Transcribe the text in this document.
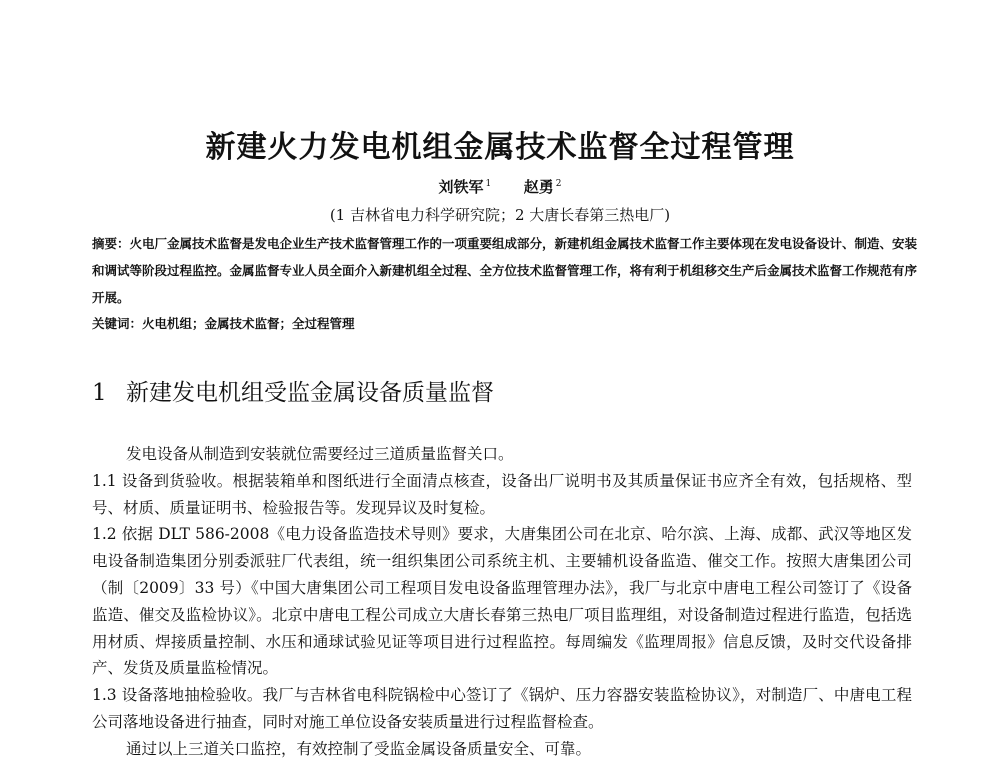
新建火力发电机组金属技术监督全过程管理
刘铁军 $^1$ 赵勇 $^2$
(1 吉林省电力科学研究院；2 大唐长春第三热电厂)
摘要：火电厂金属技术监督是发电企业生产技术监督管理工作的一项重要组成部分，新建机组金属技术监督工作主要体现在发电设备设计、制造、安装和调试等阶段过程监控。金属监督专业人员全面介入新建机组全过程、全方位技术监督管理工作，将有利于机组移交生产后金属技术监督工作规范有序开展。
关键词：火电机组；金属技术监督；全过程管理
1 新建发电机组受监金属设备质量监督

发电设备从制造到安装就位需要经过三道质量监督关口。

1.1 设备到货验收。根据装箱单和图纸进行全面清点核查，设备出厂说明书及其质量保证书应齐全有效，包括规格、型号、材质、质量证明书、检验报告等。发现异议及时复检。

1.2 依据 DLT 586-2008《电力设备监造技术导则》要求，大唐集团公司在北京、哈尔滨、上海、成都、武汉等地区发电设备制造集团分别委派驻厂代表组，统一组织集团公司系统主机、主要辅机设备监造、催交工作。按照大唐集团公司（制〔2009〕33 号）《中国大唐集团公司工程项目发电设备监理管理办法》，我厂与北京中唐电工程公司签订了《设备监造、催交及监检协议》。北京中唐电工程公司成立大唐长春第三热电厂项目监理组，对设备制造过程进行监造，包括选用材质、焊接质量控制、水压和通球试验见证等项目进行过程监控。每周编发《监理周报》信息反馈，及时交代设备排产、发货及质量监检情况。

1.3 设备落地抽检验收。我厂与吉林省电科院锅检中心签订了《锅炉、压力容器安装监检协议》，对制造厂、中唐电工程公司落地设备进行抽查，同时对施工单位设备安装质量进行过程监督检查。

通过以上三道关口监控，有效控制了受监金属设备质量安全、可靠。
